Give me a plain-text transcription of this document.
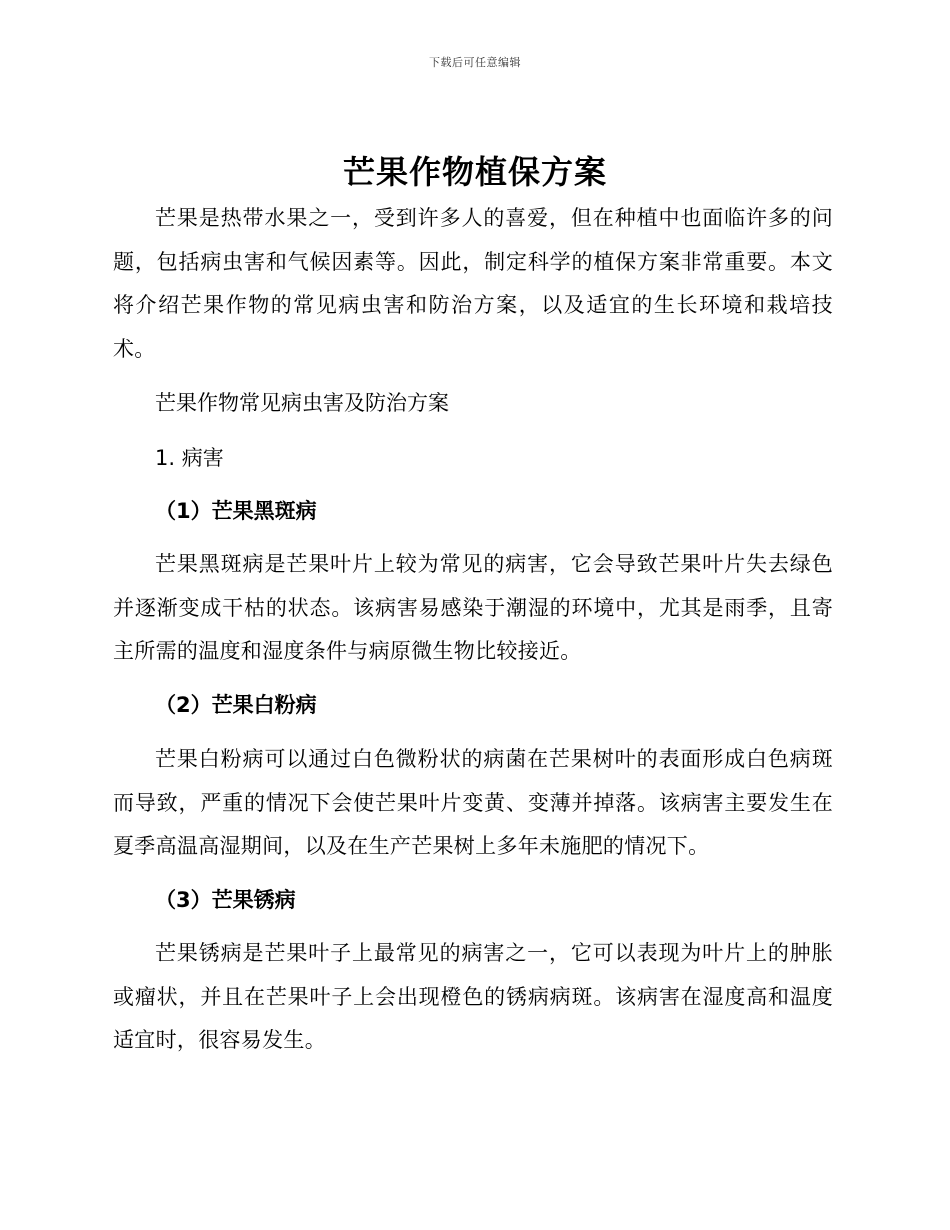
下载后可任意编辑
芒果作物植保方案
芒果是热带水果之一，受到许多人的喜爱，但在种植中也面临许多的问题，包括病虫害和气候因素等。因此，制定科学的植保方案非常重要。本文将介绍芒果作物的常见病虫害和防治方案，以及适宜的生长环境和栽培技术。
芒果作物常见病虫害及防治方案
1. 病害
（1）芒果黑斑病
芒果黑斑病是芒果叶片上较为常见的病害，它会导致芒果叶片失去绿色并逐渐变成干枯的状态。该病害易感染于潮湿的环境中，尤其是雨季，且寄主所需的温度和湿度条件与病原微生物比较接近。
（2）芒果白粉病
芒果白粉病可以通过白色微粉状的病菌在芒果树叶的表面形成白色病斑而导致，严重的情况下会使芒果叶片变黄、变薄并掉落。该病害主要发生在夏季高温高湿期间，以及在生产芒果树上多年未施肥的情况下。
（3）芒果锈病
芒果锈病是芒果叶子上最常见的病害之一，它可以表现为叶片上的肿胀或瘤状，并且在芒果叶子上会出现橙色的锈病病斑。该病害在湿度高和温度适宜时，很容易发生。
